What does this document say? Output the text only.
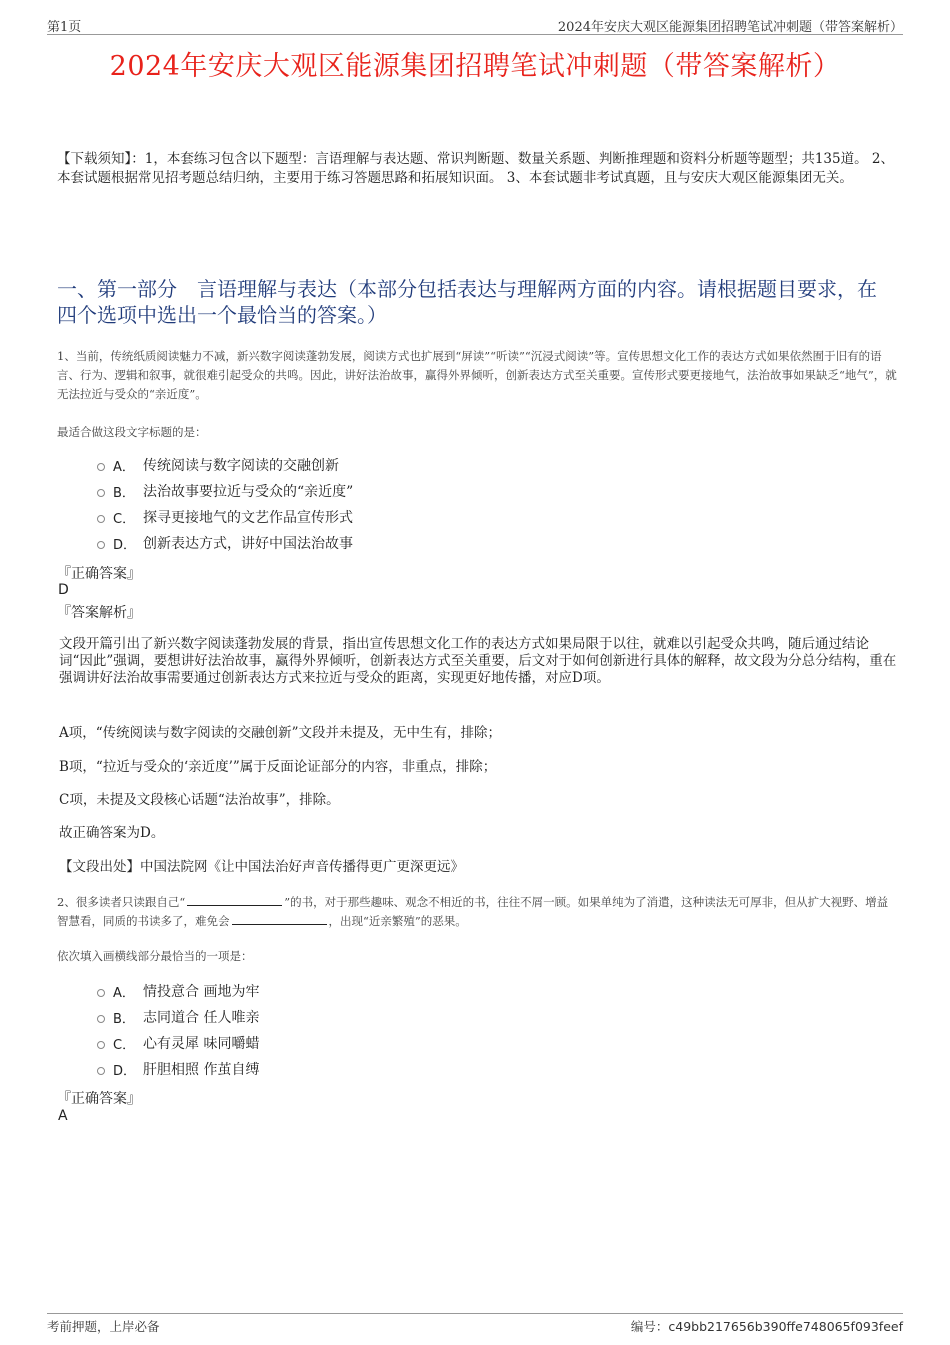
第1页	2024年安庆大观区能源集团招聘笔试冲刺题（带答案解析）
2024年安庆大观区能源集团招聘笔试冲刺题（带答案解析）
【下载须知】：1，本套练习包含以下题型：言语理解与表达题、常识判断题、数量关系题、判断推理题和资料分析题等题型；共135道。 2、本套试题根据常见招考题总结归纳，主要用于练习答题思路和拓展知识面。 3、本套试题非考试真题，且与安庆大观区能源集团无关。
一、第一部分　言语理解与表达（本部分包括表达与理解两方面的内容。请根据题目要求，在四个选项中选出一个最恰当的答案。）
1、当前，传统纸质阅读魅力不减，新兴数字阅读蓬勃发展，阅读方式也扩展到“屏读”“听读”“沉浸式阅读”等。宣传思想文化工作的表达方式如果依然囿于旧有的语言、行为、逻辑和叙事，就很难引起受众的共鸣。因此，讲好法治故事，赢得外界倾听，创新表达方式至关重要。宣传形式要更接地气，法治故事如果缺乏“地气”，就无法拉近与受众的“亲近度”。
最适合做这段文字标题的是：
A． 传统阅读与数字阅读的交融创新
B． 法治故事要拉近与受众的“亲近度”
C． 探寻更接地气的文艺作品宣传形式
D． 创新表达方式，讲好中国法治故事
『正确答案』
D
『答案解析』
文段开篇引出了新兴数字阅读蓬勃发展的背景，指出宣传思想文化工作的表达方式如果局限于以往，就难以引起受众共鸣，随后通过结论词“因此”强调，要想讲好法治故事，赢得外界倾听，创新表达方式至关重要，后文对于如何创新进行具体的解释，故文段为分总分结构，重在强调讲好法治故事需要通过创新表达方式来拉近与受众的距离，实现更好地传播，对应D项。
A项，“传统阅读与数字阅读的交融创新”文段并未提及，无中生有，排除；
B项，“拉近与受众的‘亲近度’”属于反面论证部分的内容，非重点，排除；
C项，未提及文段核心话题“法治故事”，排除。
故正确答案为D。
【文段出处】中国法院网《让中国法治好声音传播得更广更深更远》
2、很多读者只读跟自己“	”的书，对于那些趣味、观念不相近的书，往往不屑一顾。如果单纯为了消遣，这种读法无可厚非，但从扩大视野、增益智慧看，同质的书读多了，难免会	，出现“近亲繁殖”的恶果。
依次填入画横线部分最恰当的一项是：
A． 情投意合 画地为牢
B． 志同道合 任人唯亲
C． 心有灵犀 味同嚼蜡
D． 肝胆相照 作茧自缚
『正确答案』
A
考前押题，上岸必备	编号：c49bb217656b390ffe748065f093feef
